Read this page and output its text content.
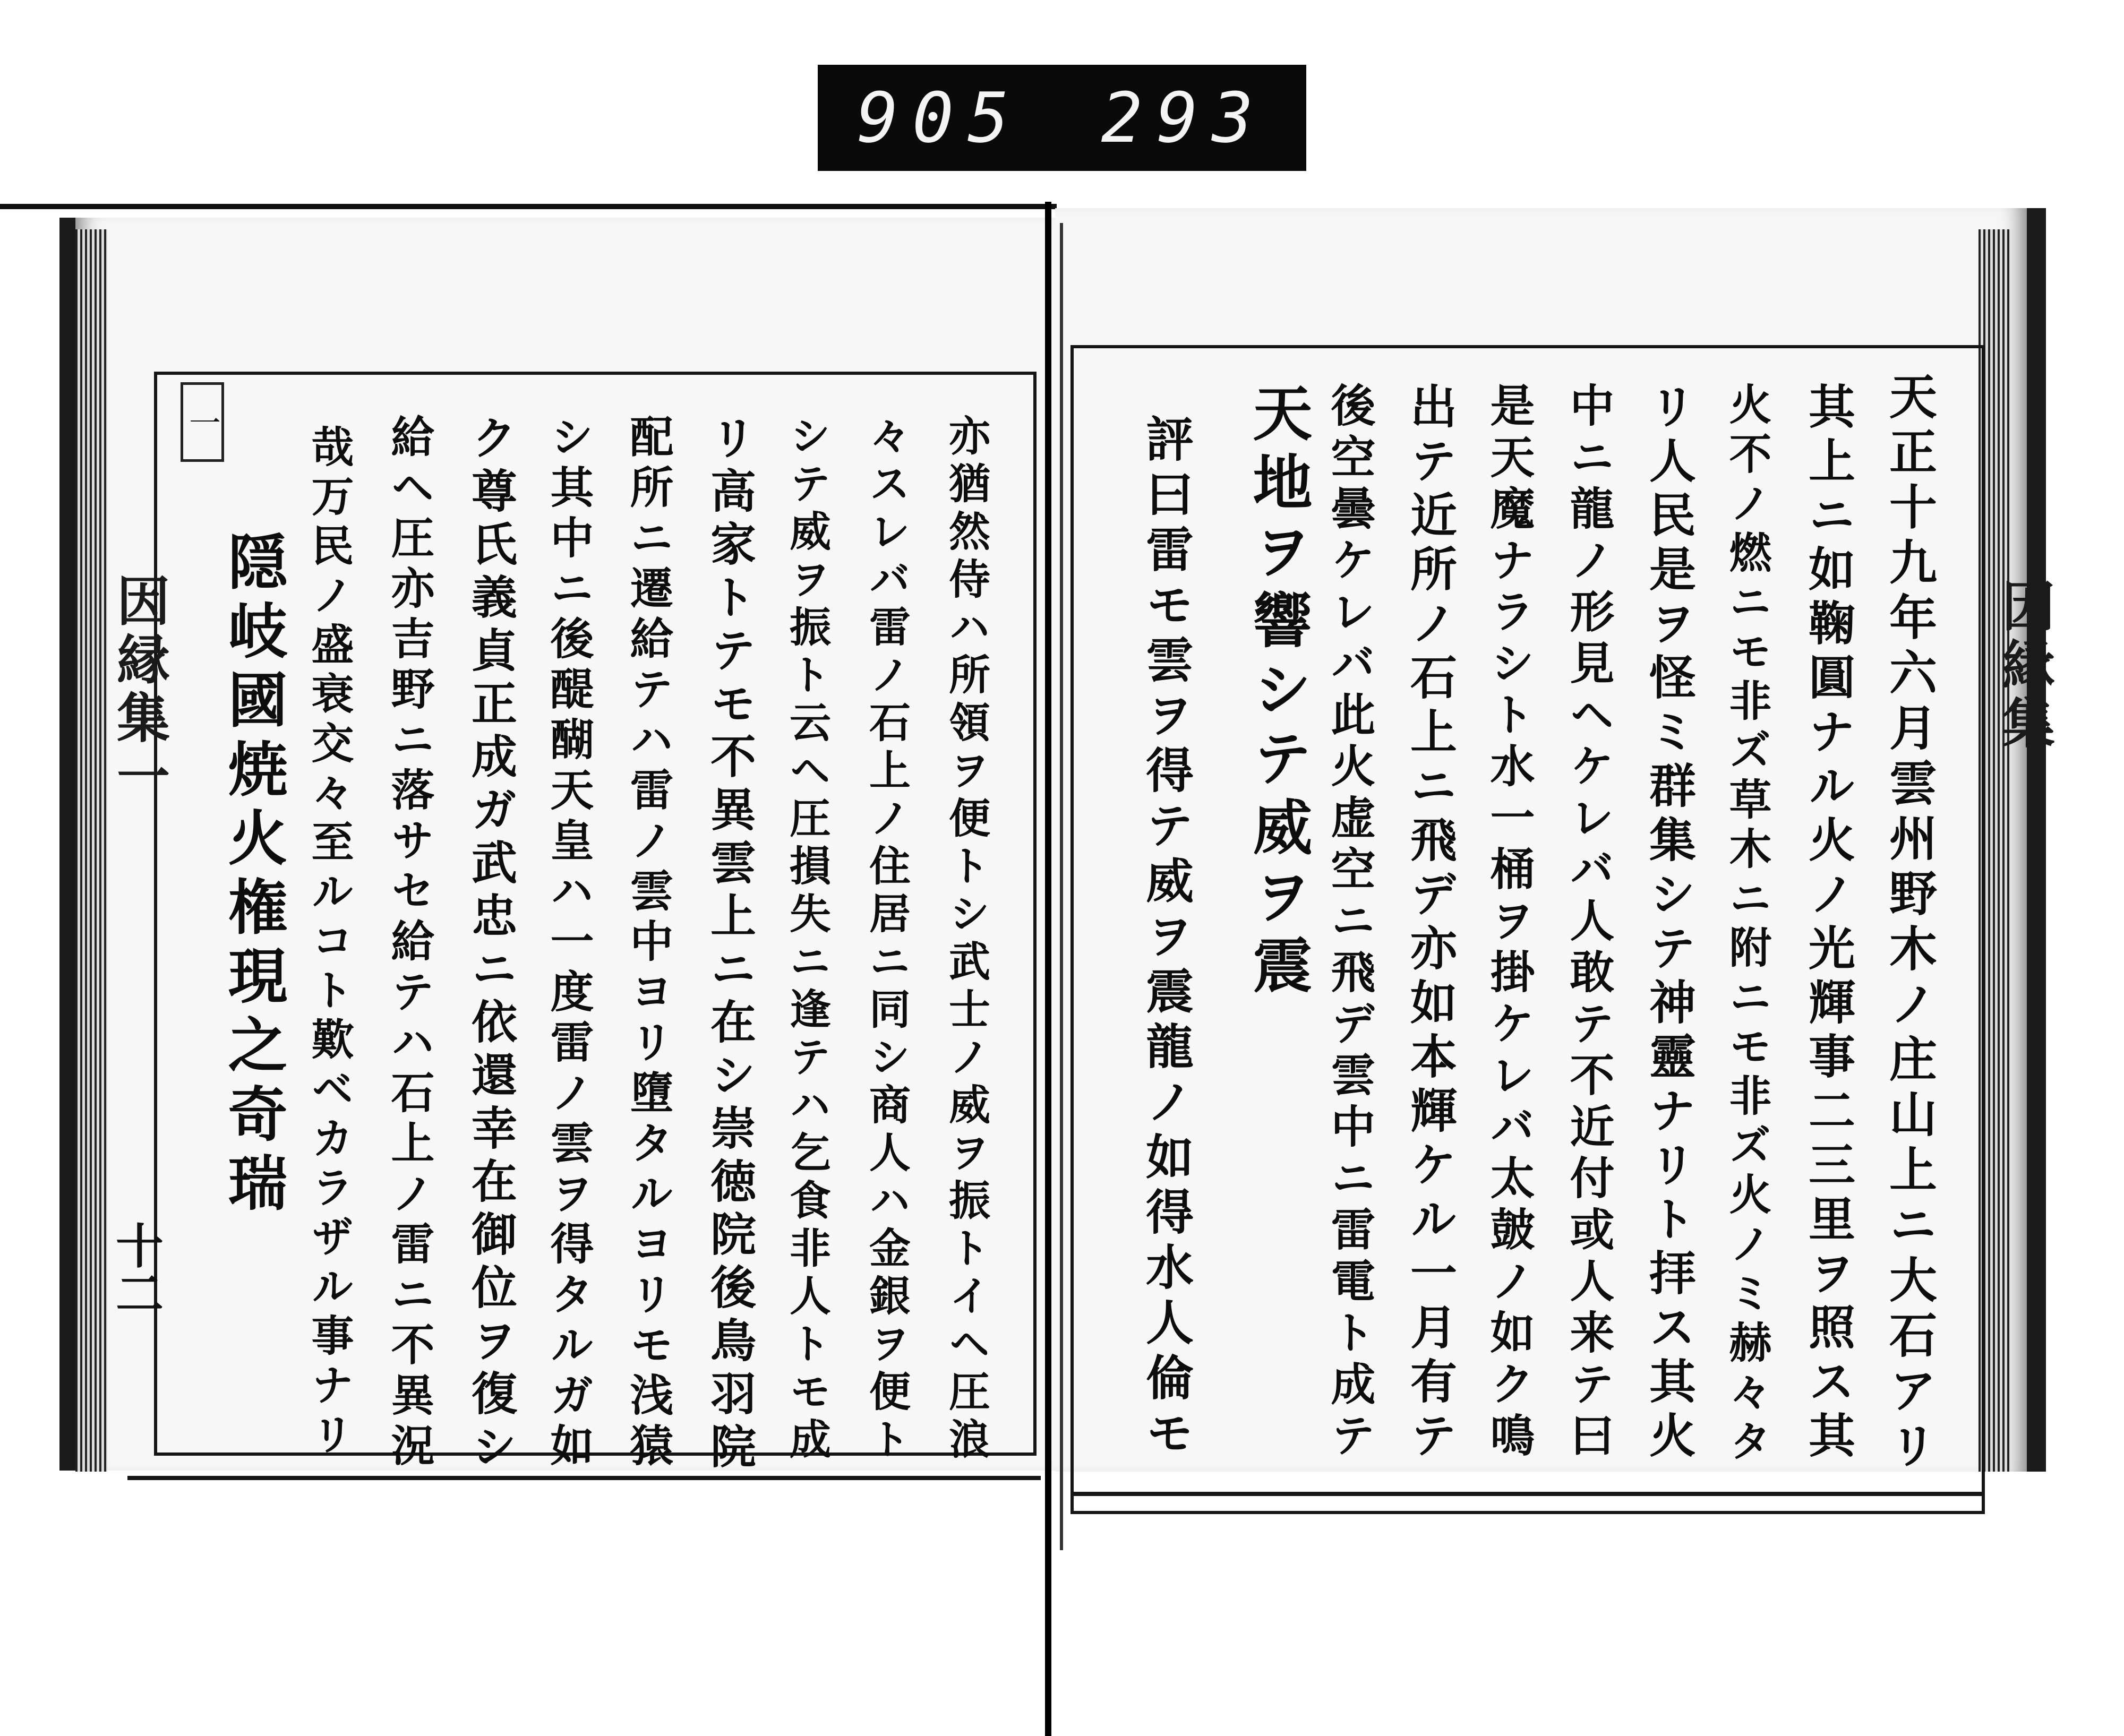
905 293
因縁集一
十二
一	亦猶然侍ハ所領ヲ便トシ武士ノ威ヲ振トイヘ圧浪
々スレバ雷ノ石上ノ住居ニ同シ商人ハ金銀ヲ便ト
シテ威ヲ振ト云ヘ圧損失ニ逢テハ乞食非人トモ成
リ高家トテモ不異雲上ニ在シ崇徳院後鳥羽院
配所ニ遷給テハ雷ノ雲中ヨリ墮タルヨリモ浅猿
シ其中ニ後醍醐天皇ハ一度雷ノ雲ヲ得タルガ如
ク尊氏義貞正成ガ武忠ニ依還幸在御位ヲ復シ
給ヘ圧亦吉野ニ落サセ給テハ石上ノ雷ニ不異況
哉万民ノ盛衰交々至ルコト歎ベカラザル事ナリ
隠岐國焼火権現之奇瑞	因縁集
天正十九年六月雲州野木ノ庄山上ニ大石アリ
其上ニ如鞠圓ナル火ノ光輝事二三里ヲ照ス其
火不ノ燃ニモ非ズ草木ニ附ニモ非ズ火ノミ赫々タ
リ人民是ヲ怪ミ群集シテ神靈ナリト拝ス其火
中ニ龍ノ形見ヘケレバ人敢テ不近付或人来テ曰
是天魔ナラシト水一桶ヲ掛ケレバ太皷ノ如ク鳴
出テ近所ノ石上ニ飛デ亦如本輝ケル一月有テ
後空曇ケレバ此火虚空ニ飛デ雲中ニ雷電ト成テ
天地ヲ響シテ威ヲ震
評曰雷モ雲ヲ得テ威ヲ震龍ノ如得水人倫モ
